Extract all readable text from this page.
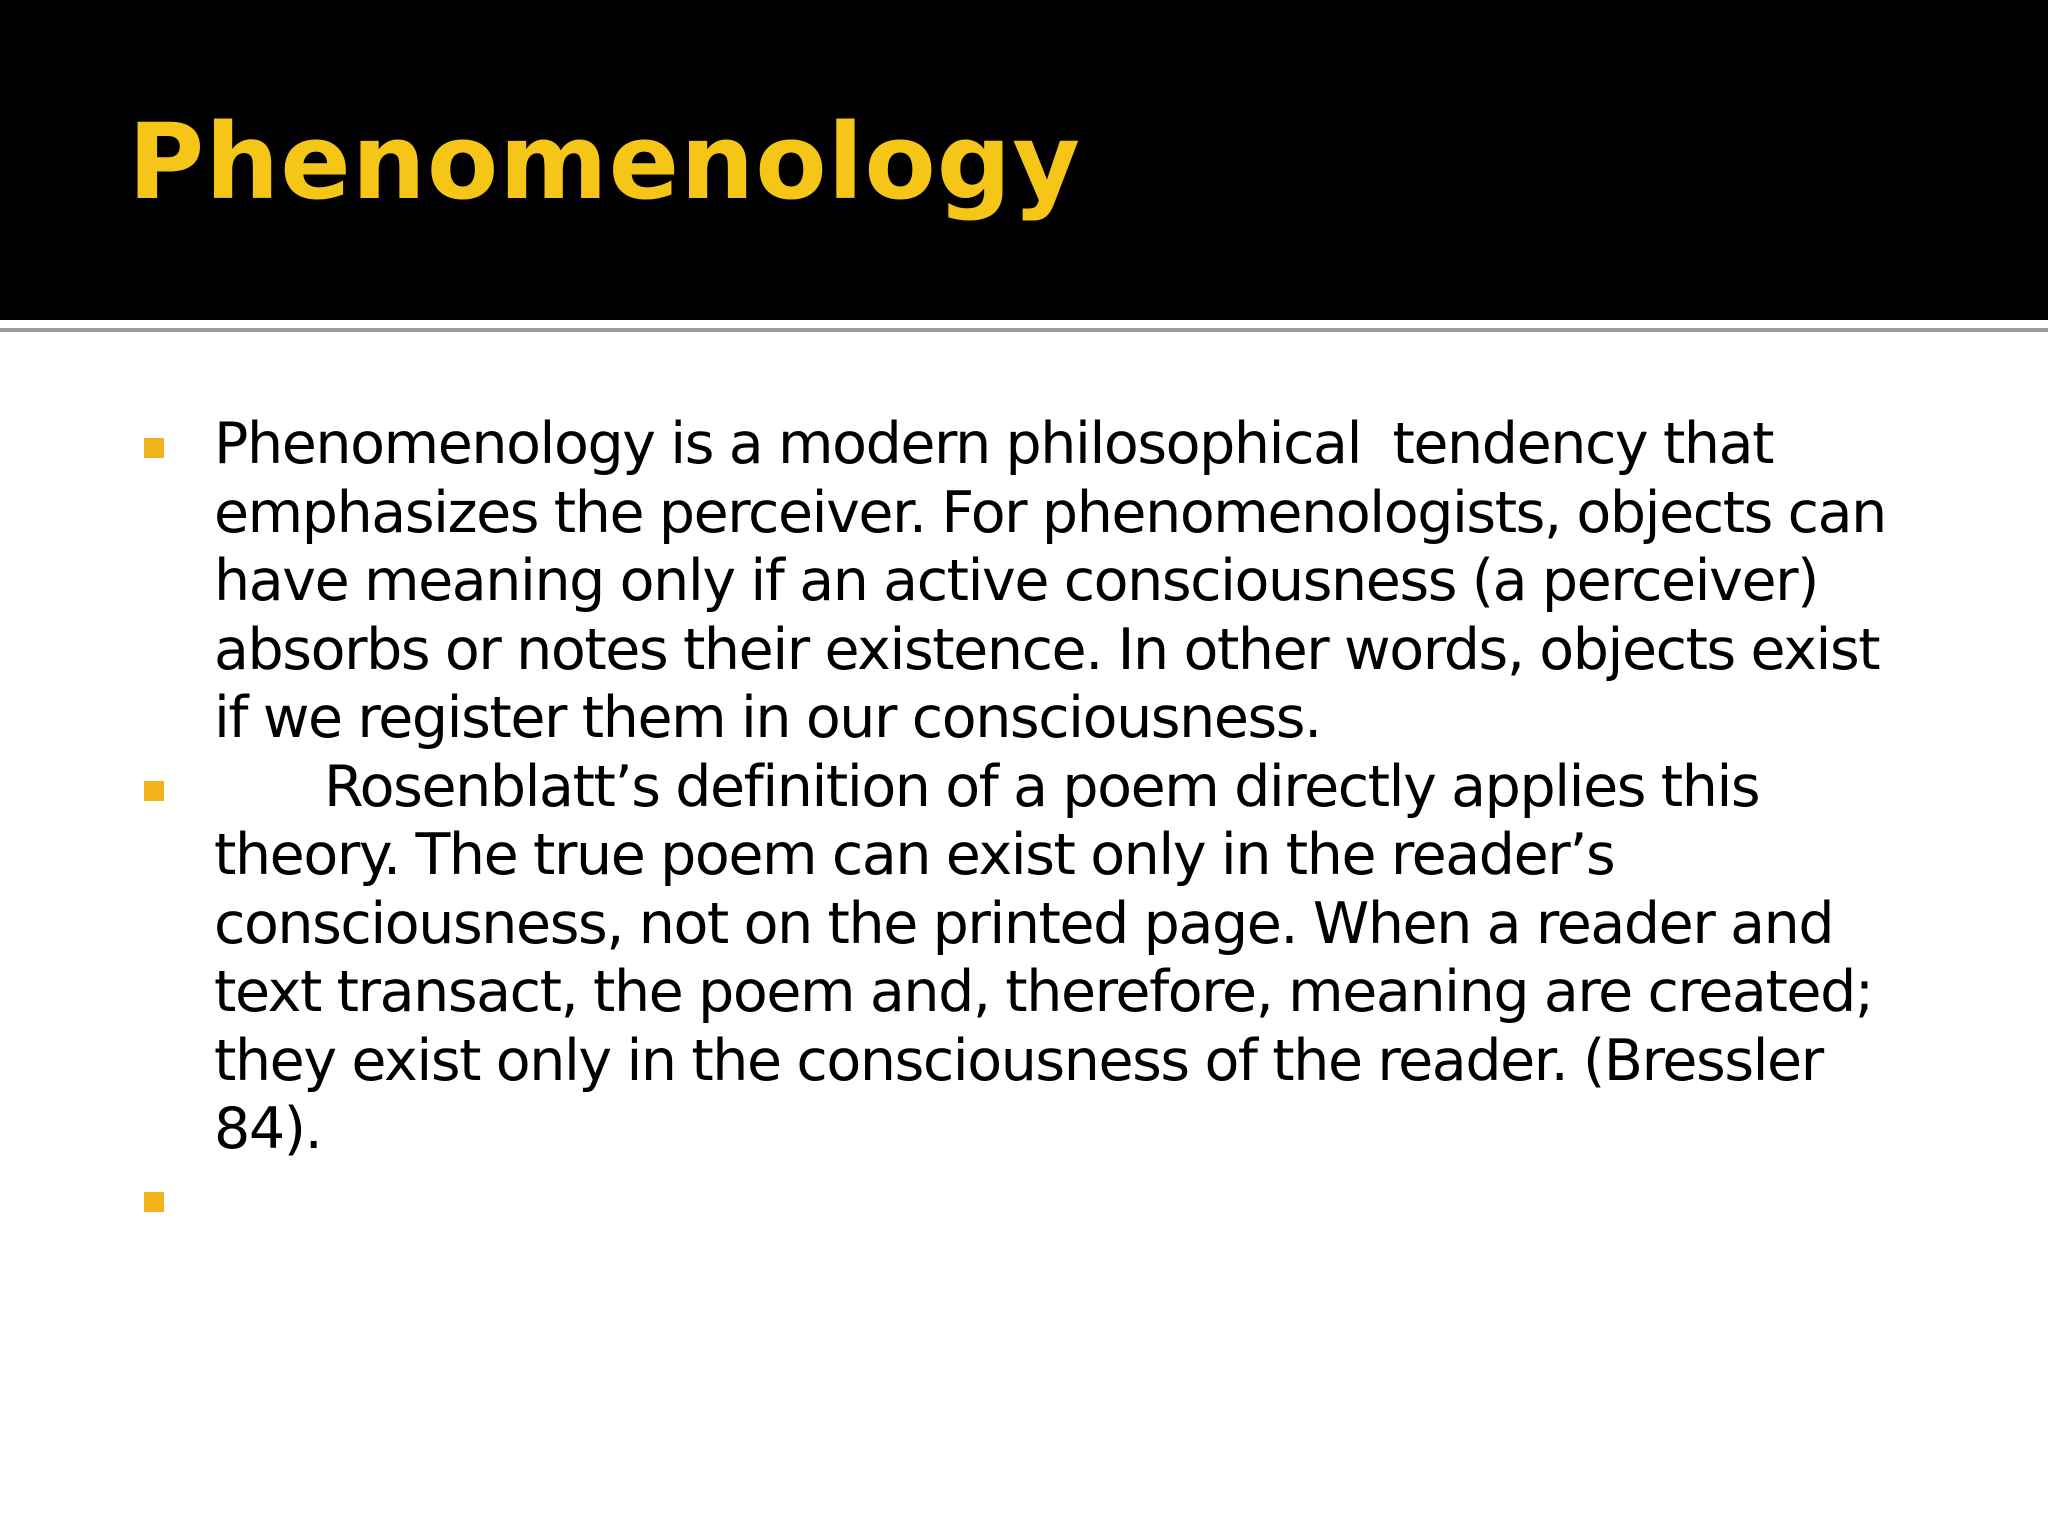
Phenomenology
Phenomenology is a modern philosophical  tendency that emphasizes the perceiver. For phenomenologists, objects can have meaning only if an active consciousness (a perceiver) absorbs or notes their existence. In other words, objects exist if we register them in our consciousness.
Rosenblatt’s definition of a poem directly applies this theory. The true poem can exist only in the reader’s consciousness, not on the printed page. When a reader and text transact, the poem and, therefore, meaning are created; they exist only in the consciousness of the reader. (Bressler 84).
